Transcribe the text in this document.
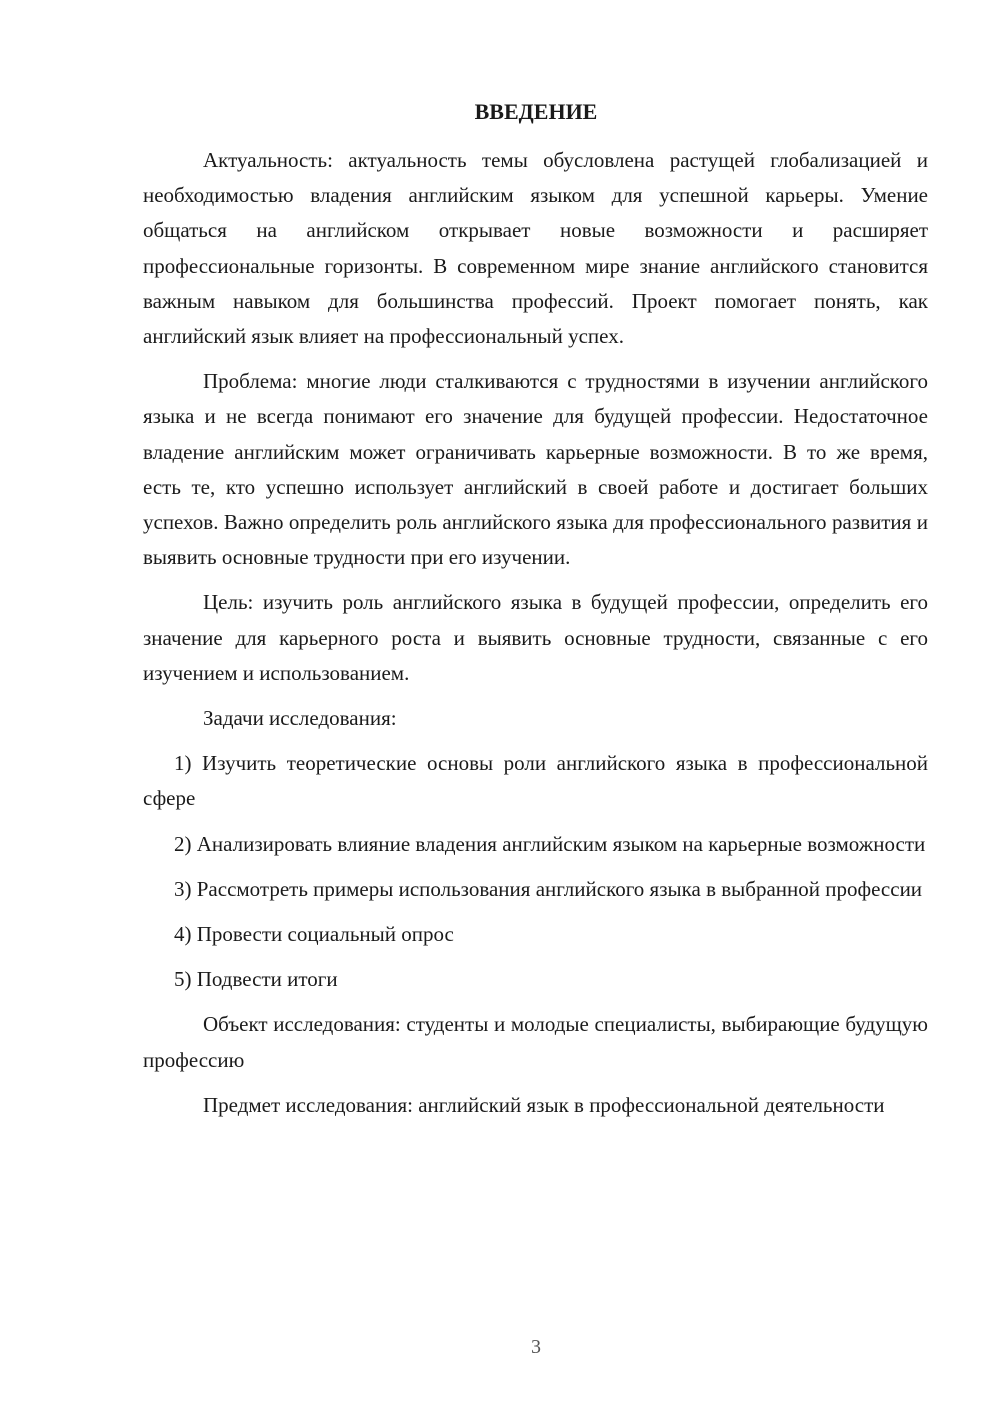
ВВЕДЕНИЕ

Актуальность: актуальность темы обусловлена растущей глобализацией и необходимостью владения английским языком для успешной карьеры. Умение общаться на английском открывает новые возможности и расширяет профессиональные горизонты. В современном мире знание английского становится важным навыком для большинства профессий. Проект помогает понять, как английский язык влияет на профессиональный успех.

Проблема: многие люди сталкиваются с трудностями в изучении английского языка и не всегда понимают его значение для будущей профессии. Недостаточное владение английским может ограничивать карьерные возможности. В то же время, есть те, кто успешно использует английский в своей работе и достигает больших успехов. Важно определить роль английского языка для профессионального развития и выявить основные трудности при его изучении.

Цель: изучить роль английского языка в будущей профессии, определить его значение для карьерного роста и выявить основные трудности, связанные с его изучением и использованием.

Задачи исследования:

1) Изучить теоретические основы роли английского языка в профессиональной сфере

2) Анализировать влияние владения английским языком на карьерные возможности

3) Рассмотреть примеры использования английского языка в выбранной профессии

4) Провести социальный опрос

5) Подвести итоги

Объект исследования: студенты и молодые специалисты, выбирающие будущую профессию

Предмет исследования: английский язык в профессиональной деятельности

3
